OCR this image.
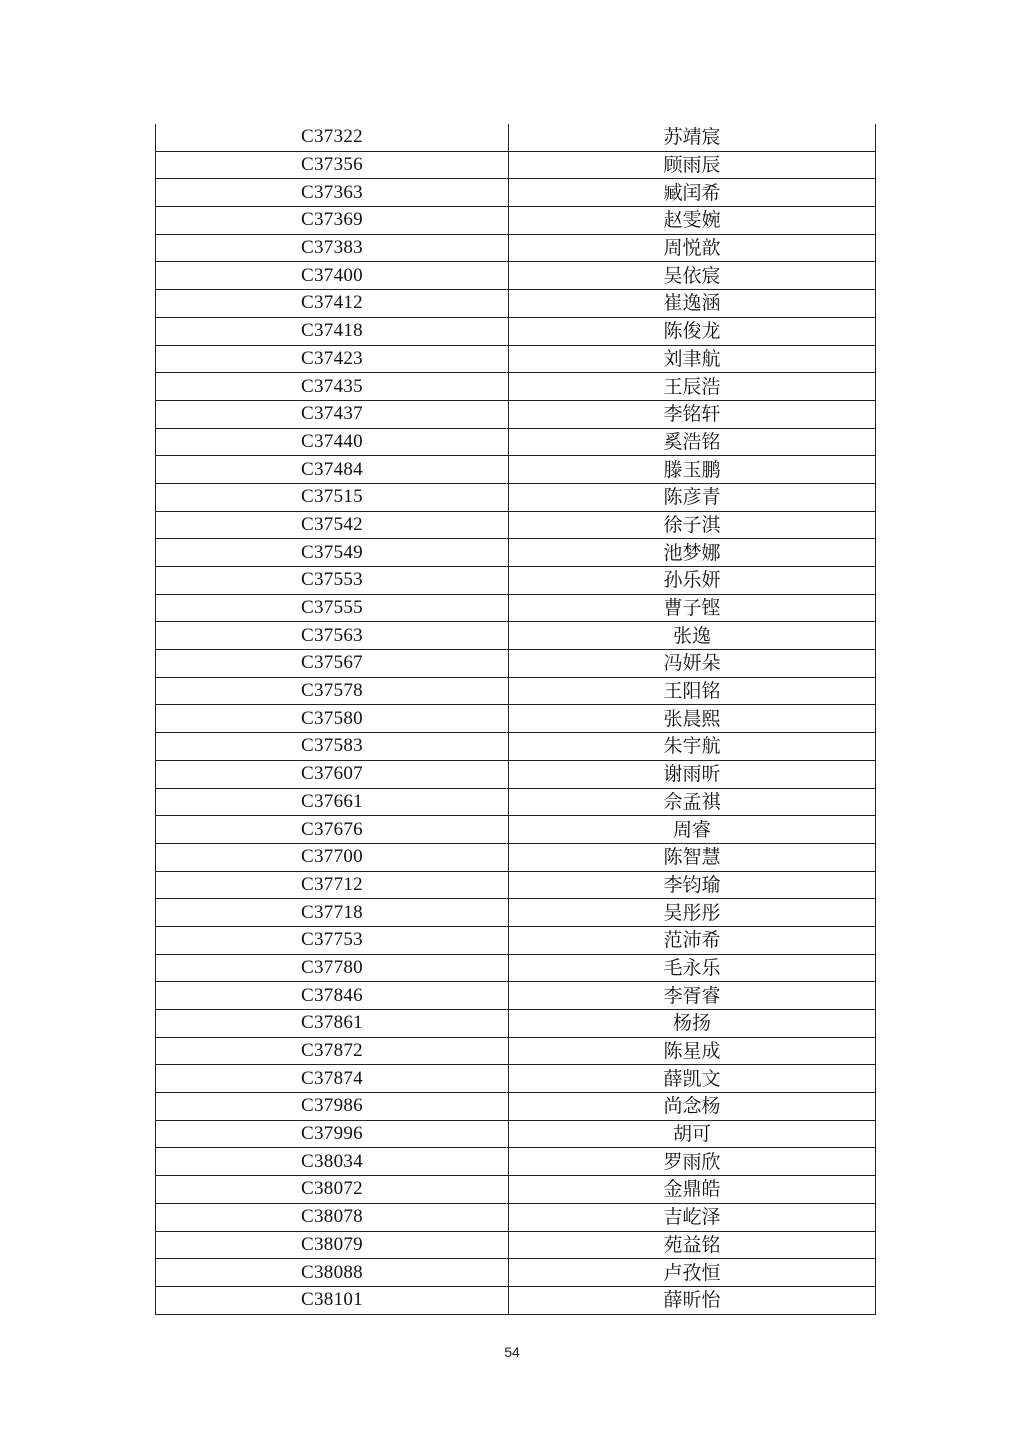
C37322	苏靖宸
C37356	顾雨辰
C37363	臧闰希
C37369	赵雯婉
C37383	周悦歆
C37400	吴依宸
C37412	崔逸涵
C37418	陈俊龙
C37423	刘聿航
C37435	王辰浩
C37437	李铭轩
C37440	奚浩铭
C37484	滕玉鹏
C37515	陈彦青
C37542	徐子淇
C37549	池梦娜
C37553	孙乐妍
C37555	曹子铿
C37563	张逸
C37567	冯妍朵
C37578	王阳铭
C37580	张晨熙
C37583	朱宇航
C37607	谢雨昕
C37661	佘孟祺
C37676	周睿
C37700	陈智慧
C37712	李钧瑜
C37718	吴彤彤
C37753	范沛希
C37780	毛永乐
C37846	李胥睿
C37861	杨扬
C37872	陈星成
C37874	薛凯文
C37986	尚念杨
C37996	胡可
C38034	罗雨欣
C38072	金鼎皓
C38078	吉屹泽
C38079	苑益铭
C38088	卢孜恒
C38101	薛昕怡
54
